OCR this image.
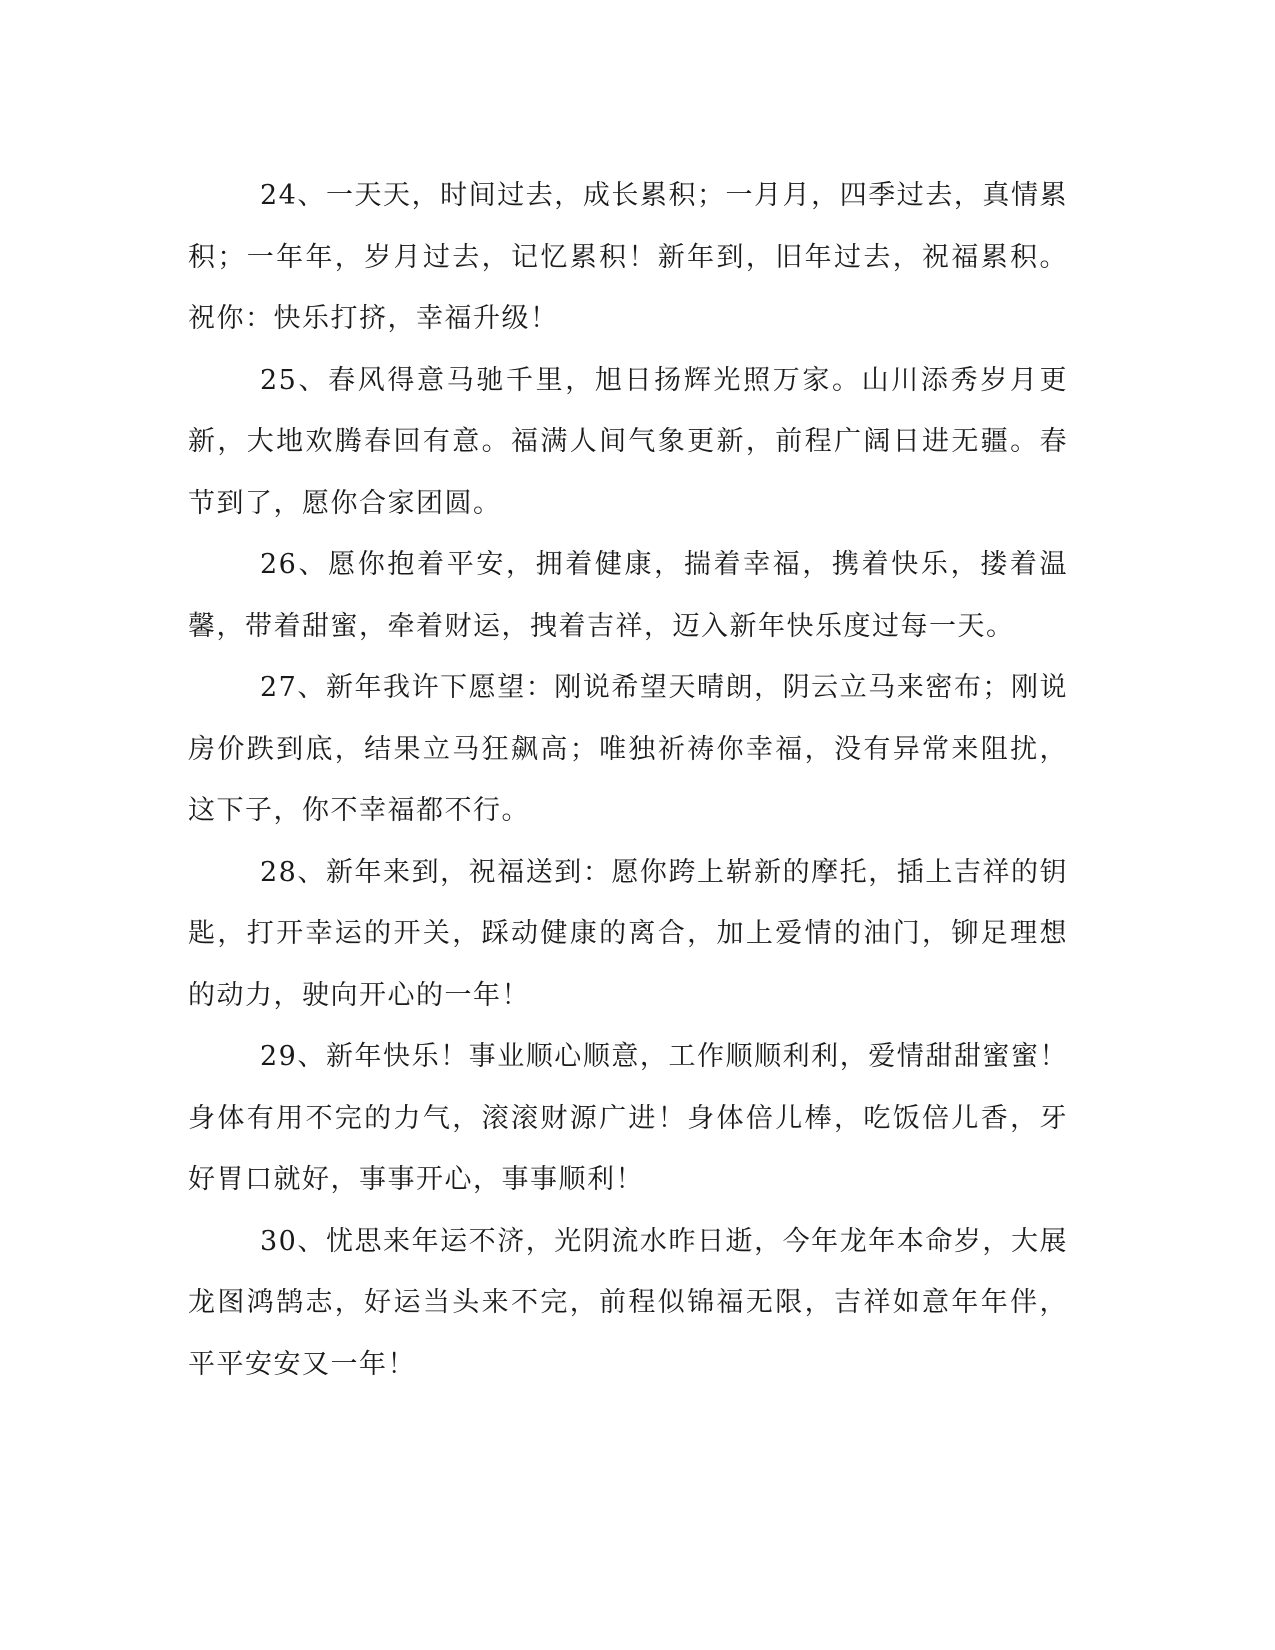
24、一天天，时间过去，成长累积；一月月，四季过去，真情累积；一年年，岁月过去，记忆累积！新年到，旧年过去，祝福累积。祝你：快乐打挤，幸福升级！

25、春风得意马驰千里，旭日扬辉光照万家。山川添秀岁月更新，大地欢腾春回有意。福满人间气象更新，前程广阔日进无疆。春节到了，愿你合家团圆。

26、愿你抱着平安，拥着健康，揣着幸福，携着快乐，搂着温馨，带着甜蜜，牵着财运，拽着吉祥，迈入新年快乐度过每一天。

27、新年我许下愿望：刚说希望天晴朗，阴云立马来密布；刚说房价跌到底，结果立马狂飙高；唯独祈祷你幸福，没有异常来阻扰，这下子，你不幸福都不行。

28、新年来到，祝福送到：愿你跨上崭新的摩托，插上吉祥的钥匙，打开幸运的开关，踩动健康的离合，加上爱情的油门，铆足理想的动力，驶向开心的一年！

29、新年快乐！事业顺心顺意，工作顺顺利利，爱情甜甜蜜蜜！身体有用不完的力气，滚滚财源广进！身体倍儿棒，吃饭倍儿香，牙好胃口就好，事事开心，事事顺利！

30、忧思来年运不济，光阴流水昨日逝，今年龙年本命岁，大展龙图鸿鹄志，好运当头来不完，前程似锦福无限，吉祥如意年年伴，平平安安又一年！
